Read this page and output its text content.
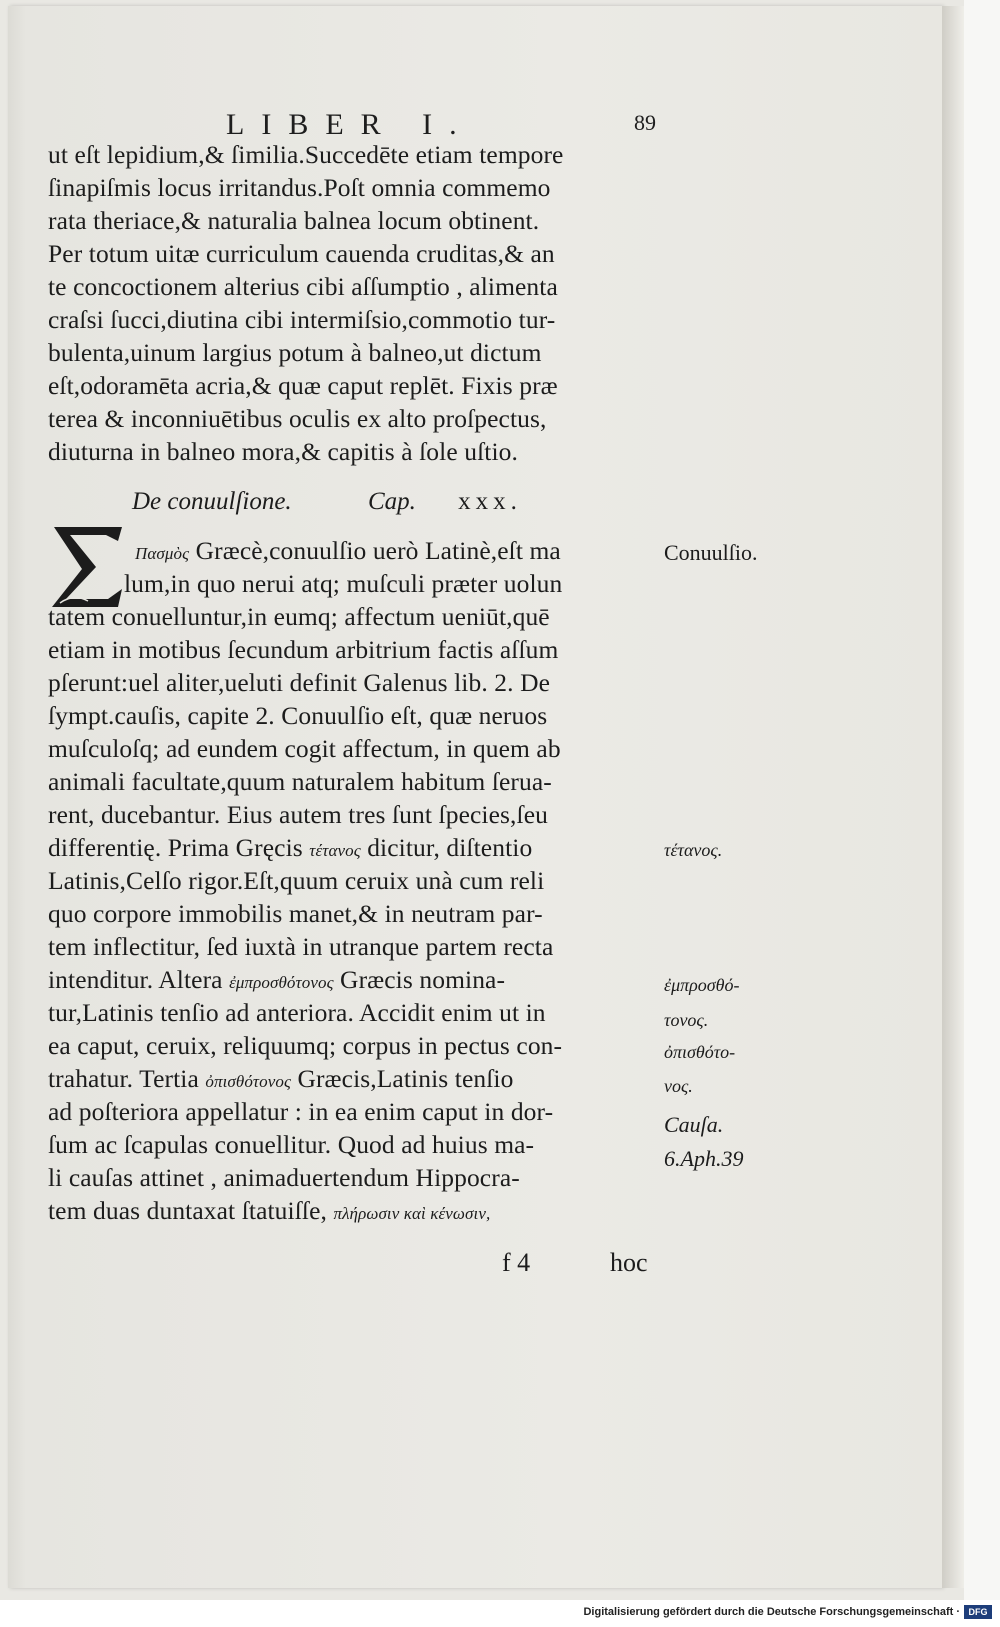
LIBER I.	89
ut eſt lepidium,& ſimilia.Succedēte etiam tempore
ſinapiſmis locus irritandus.Poſt omnia commemo
rata theriace,& naturalia balnea locum obtinent.
Per totum uitæ curriculum cauenda cruditas,& an
te concoctionem alterius cibi aſſumptio , alimenta
craſsi ſucci,diutina cibi intermiſsio,commotio tur-
bulenta,uinum largius potum à balneo,ut dictum
eſt,odoramēta acria,& quæ caput replēt. Fixis præ
terea & inconniuētibus oculis ex alto proſpectus,
diuturna in balneo mora,& capitis à ſole uſtio.
De conuulſione.	Cap. xxx.
Πασμὸς Græcè,conuulſio uerò Latinè,eſt ma
lum,in quo nerui atq; muſculi præter uolun
tatem conuelluntur,in eumq; affectum ueniūt,quē
etiam in motibus ſecundum arbitrium factis aſſum
pſerunt:uel aliter,ueluti definit Galenus lib. 2. De
ſympt.cauſis, capite 2. Conuulſio eſt, quæ neruos
muſculoſq; ad eundem cogit affectum, in quem ab
animali facultate,quum naturalem habitum ſerua-
rent, ducebantur. Eius autem tres ſunt ſpecies,ſeu
differentię. Prima Gręcis τέτανος dicitur, diſtentio
Latinis,Celſo rigor.Eſt,quum ceruix unà cum reli
quo corpore immobilis manet,& in neutram par-
tem inflectitur, ſed iuxtà in utranque partem recta
intenditur. Altera ἐμπροσθότονος Græcis nomina-
tur,Latinis tenſio ad anteriora. Accidit enim ut in
ea caput, ceruix, reliquumq; corpus in pectus con-
trahatur. Tertia ὀπισθότονος Græcis,Latinis tenſio
ad poſteriora appellatur : in ea enim caput in dor-
ſum ac ſcapulas conuellitur. Quod ad huius ma-
li cauſas attinet , animaduertendum Hippocra-
tem duas duntaxat ſtatuiſſe, πλήρωσιν καὶ κένωσιν,
Conuulſio.
τέτανος.
ἐμπροσθό-
τονος.
ὀπισθότο-
νος.
Cauſa.
6.Aph.39
f 4	hoc
Digitalisierung gefördert durch die Deutsche Forschungsgemeinschaft · DFG
